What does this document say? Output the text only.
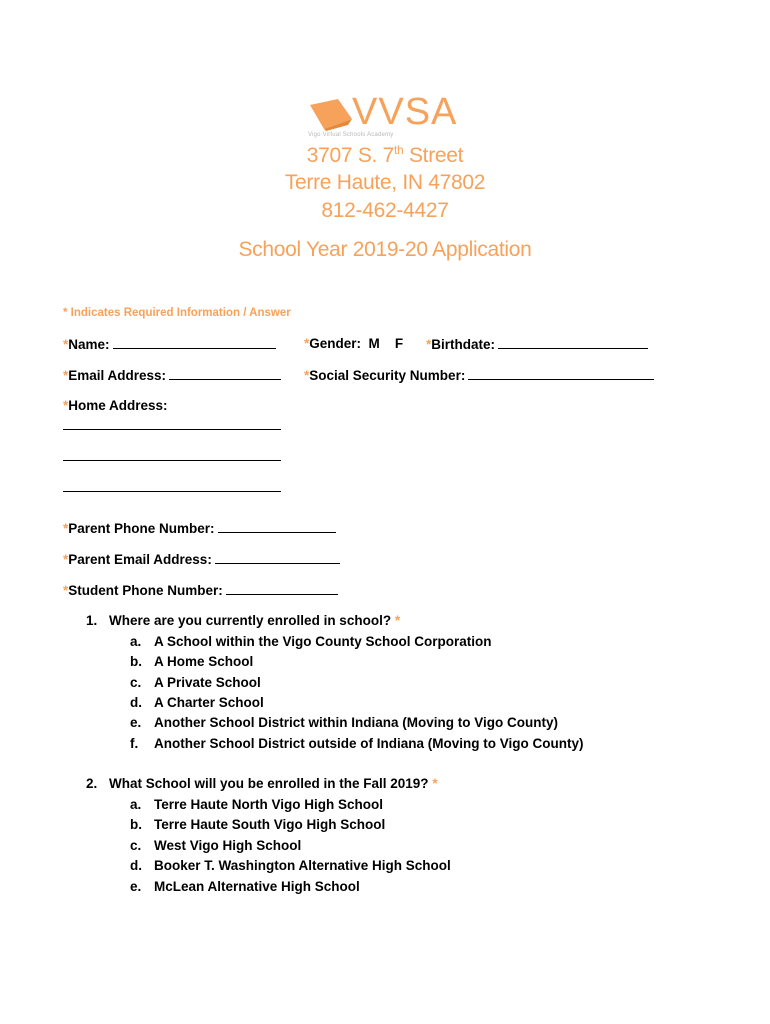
VVSA
Vigo Virtual Schools Academy
3707 S. 7th Street
Terre Haute, IN 47802
812-462-4427
School Year 2019-20 Application
* Indicates Required Information / Answer
*Name:	*Gender: M F *Birthdate:
*Email Address:	*Social Security Number:
*Home Address:
*Parent Phone Number:
*Parent Email Address:
*Student Phone Number:
1. Where are you currently enrolled in school? *
a. A School within the Vigo County School Corporation
b. A Home School
c. A Private School
d. A Charter School
e. Another School District within Indiana (Moving to Vigo County)
f. Another School District outside of Indiana (Moving to Vigo County)
2. What School will you be enrolled in the Fall 2019? *
a. Terre Haute North Vigo High School
b. Terre Haute South Vigo High School
c. West Vigo High School
d. Booker T. Washington Alternative High School
e. McLean Alternative High School
